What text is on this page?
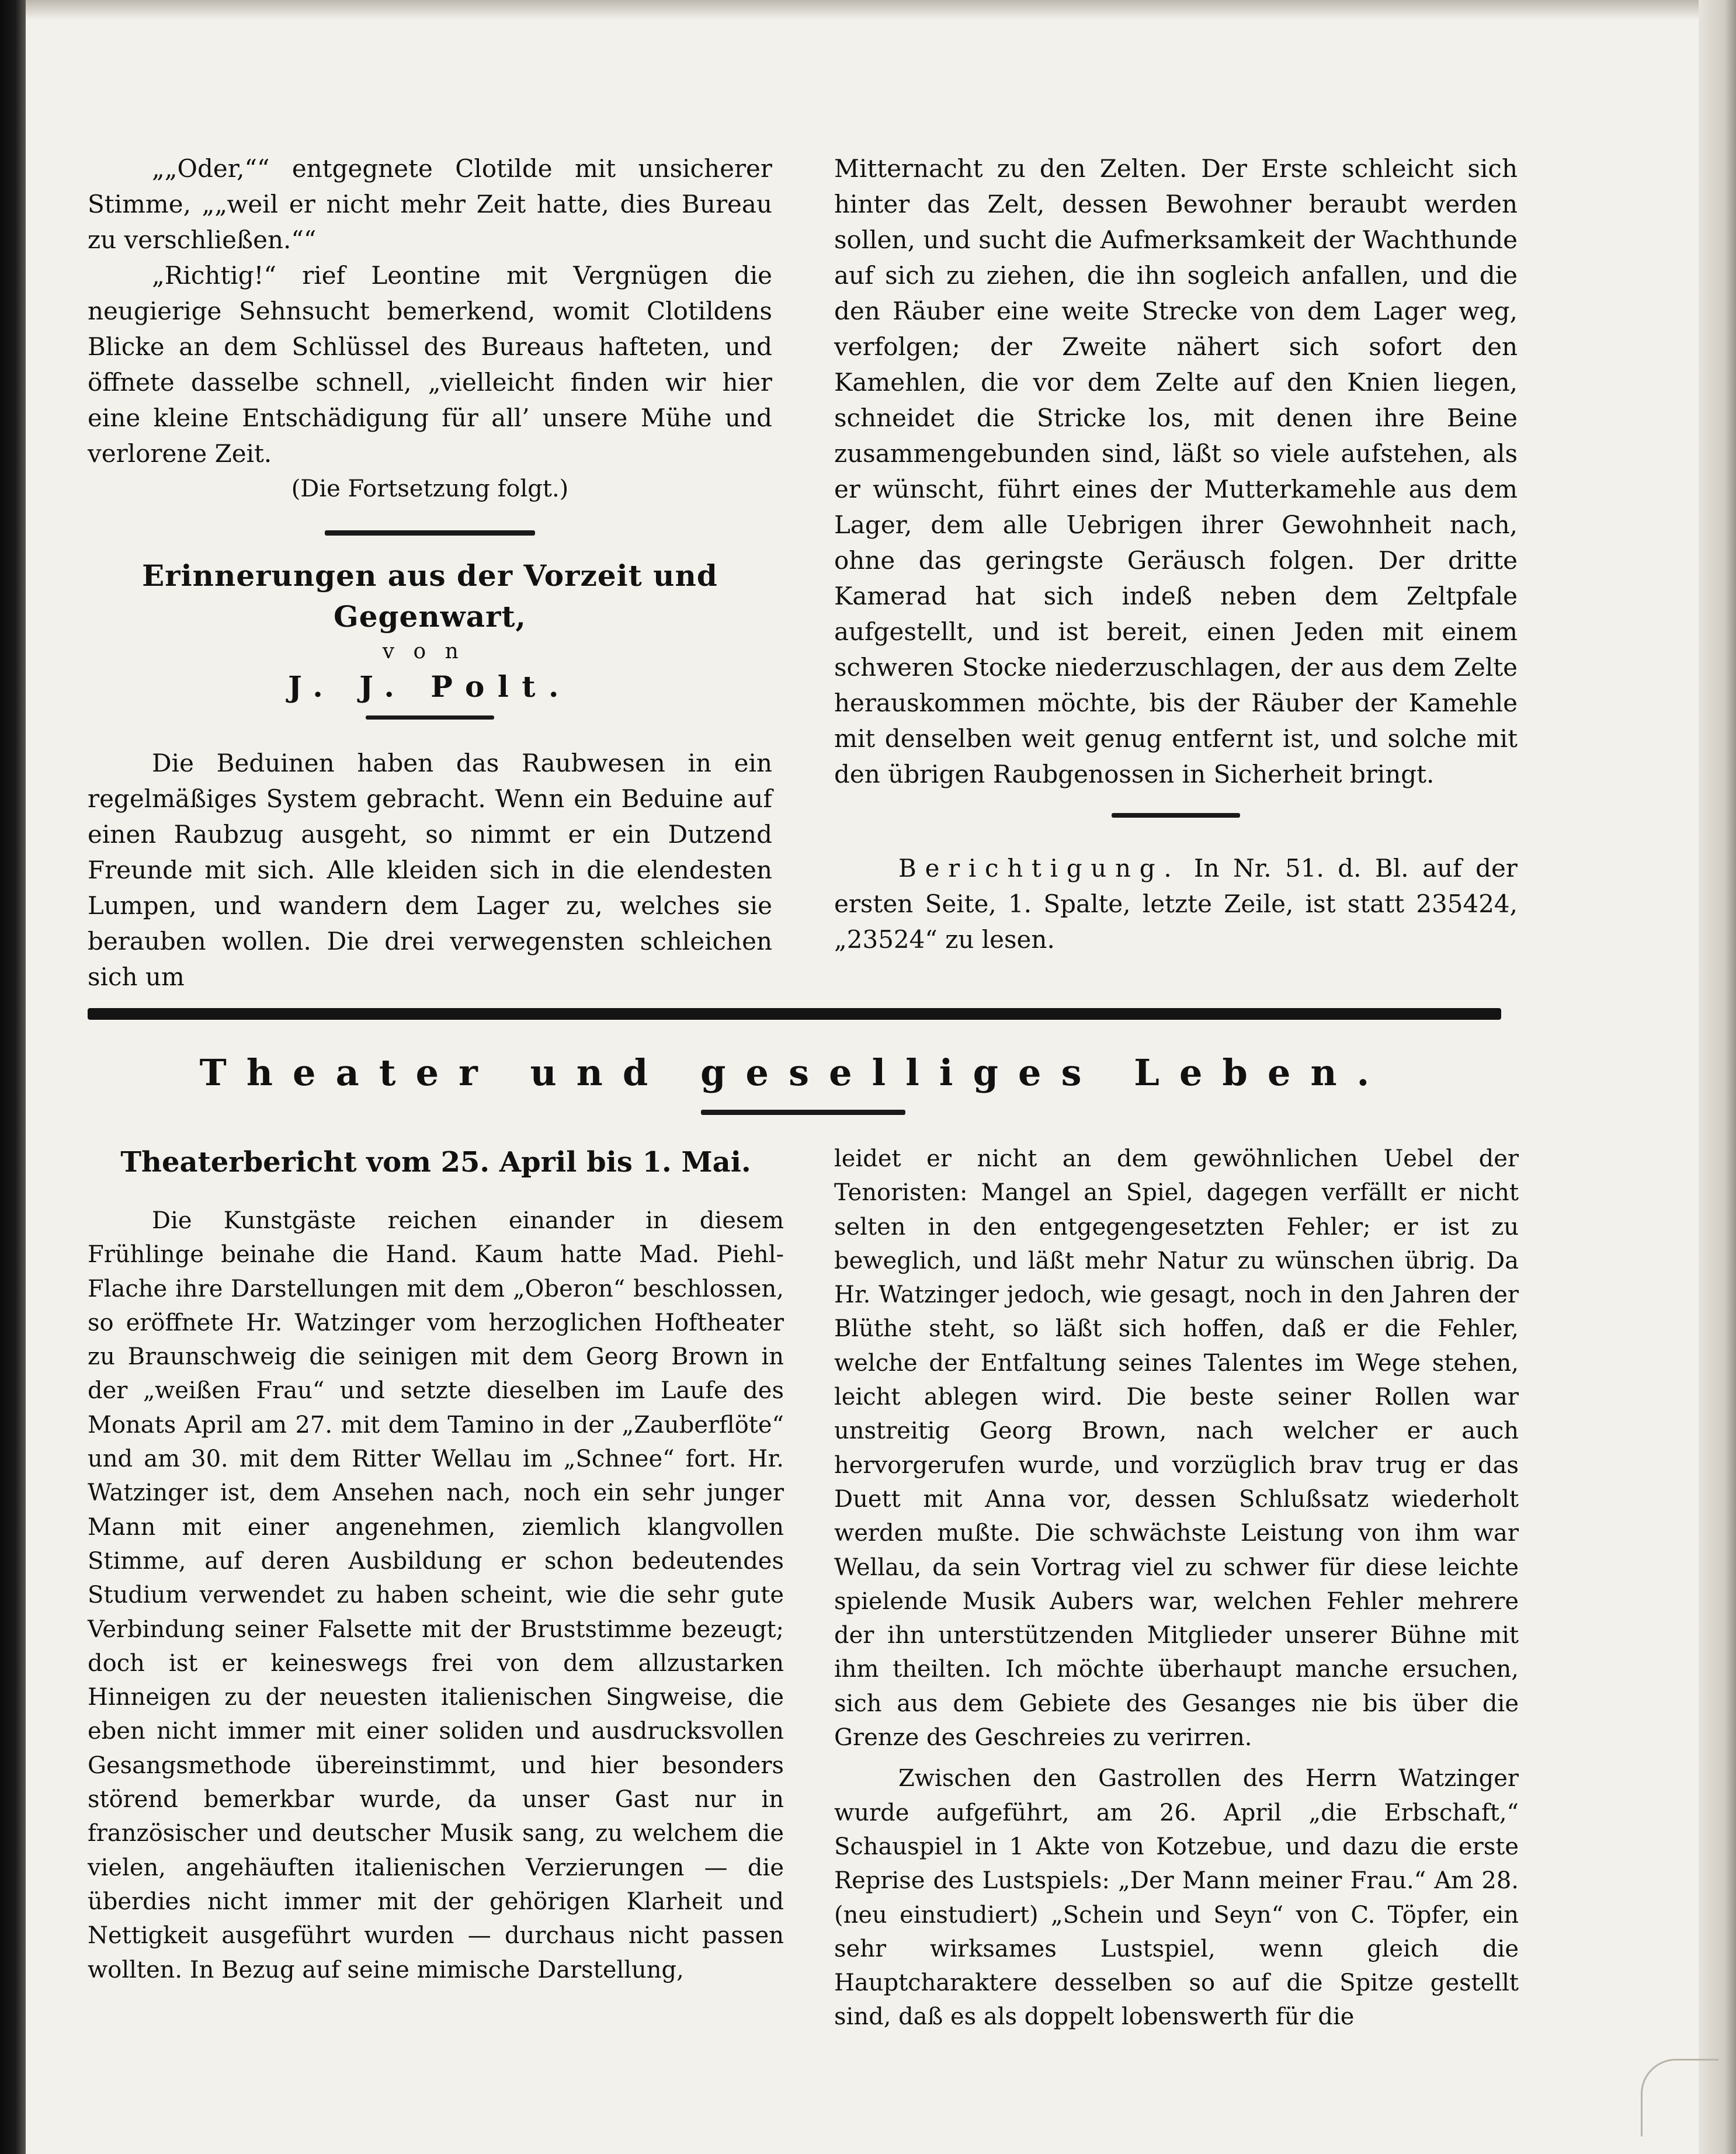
„„Oder,““ entgegnete Clotilde mit unsicherer Stimme, „„weil er nicht mehr Zeit hatte, dies Bureau zu verschließen.““

„Richtig!“ rief Leontine mit Vergnügen die neugierige Sehnsucht bemerkend, womit Clotildens Blicke an dem Schlüssel des Bureaus hafteten, und öffnete dasselbe schnell, „vielleicht finden wir hier eine kleine Entschädigung für all’ unsere Mühe und verlorene Zeit.

(Die Fortsetzung folgt.)

Erinnerungen aus der Vorzeit und Gegenwart,
von
J. J. Polt.

Die Beduinen haben das Raubwesen in ein regelmäßiges System gebracht. Wenn ein Beduine auf einen Raubzug ausgeht, so nimmt er ein Dutzend Freunde mit sich. Alle kleiden sich in die elendesten Lumpen, und wandern dem Lager zu, welches sie berauben wollen. Die drei verwegensten schleichen sich um

Mitternacht zu den Zelten. Der Erste schleicht sich hinter das Zelt, dessen Bewohner beraubt werden sollen, und sucht die Aufmerksamkeit der Wachthunde auf sich zu ziehen, die ihn sogleich anfallen, und die den Räuber eine weite Strecke von dem Lager weg, verfolgen; der Zweite nähert sich sofort den Kamehlen, die vor dem Zelte auf den Knien liegen, schneidet die Stricke los, mit denen ihre Beine zusammengebunden sind, läßt so viele aufstehen, als er wünscht, führt eines der Mutterkamehle aus dem Lager, dem alle Uebrigen ihrer Gewohnheit nach, ohne das geringste Geräusch folgen. Der dritte Kamerad hat sich indeß neben dem Zeltpfale aufgestellt, und ist bereit, einen Jeden mit einem schweren Stocke niederzuschlagen, der aus dem Zelte herauskommen möchte, bis der Räuber der Kamehle mit denselben weit genug entfernt ist, und solche mit den übrigen Raubgenossen in Sicherheit bringt.

Berichtigung. In Nr. 51. d. Bl. auf der ersten Seite, 1. Spalte, letzte Zeile, ist statt 235424, „23524“ zu lesen.

Theater und geselliges Leben.
Theaterbericht vom 25. April bis 1. Mai.

Die Kunstgäste reichen einander in diesem Frühlinge beinahe die Hand. Kaum hatte Mad. Piehl-Flache ihre Darstellungen mit dem „Oberon“ beschlossen, so eröffnete Hr. Watzinger vom herzoglichen Hoftheater zu Braunschweig die seinigen mit dem Georg Brown in der „weißen Frau“ und setzte dieselben im Laufe des Monats April am 27. mit dem Tamino in der „Zauberflöte“ und am 30. mit dem Ritter Wellau im „Schnee“ fort. Hr. Watzinger ist, dem Ansehen nach, noch ein sehr junger Mann mit einer angenehmen, ziemlich klangvollen Stimme, auf deren Ausbildung er schon bedeutendes Studium verwendet zu haben scheint, wie die sehr gute Verbindung seiner Falsette mit der Bruststimme bezeugt; doch ist er keineswegs frei von dem allzustarken Hinneigen zu der neuesten italienischen Singweise, die eben nicht immer mit einer soliden und ausdrucksvollen Gesangsmethode übereinstimmt, und hier besonders störend bemerkbar wurde, da unser Gast nur in französischer und deutscher Musik sang, zu welchem die vielen, angehäuften italienischen Verzierungen — die überdies nicht immer mit der gehörigen Klarheit und Nettigkeit ausgeführt wurden — durchaus nicht passen wollten. In Bezug auf seine mimische Darstellung,

leidet er nicht an dem gewöhnlichen Uebel der Tenoristen: Mangel an Spiel, dagegen verfällt er nicht selten in den entgegengesetzten Fehler; er ist zu beweglich, und läßt mehr Natur zu wünschen übrig. Da Hr. Watzinger jedoch, wie gesagt, noch in den Jahren der Blüthe steht, so läßt sich hoffen, daß er die Fehler, welche der Entfaltung seines Talentes im Wege stehen, leicht ablegen wird. Die beste seiner Rollen war unstreitig Georg Brown, nach welcher er auch hervorgerufen wurde, und vorzüglich brav trug er das Duett mit Anna vor, dessen Schlußsatz wiederholt werden mußte. Die schwächste Leistung von ihm war Wellau, da sein Vortrag viel zu schwer für diese leichte spielende Musik Aubers war, welchen Fehler mehrere der ihn unterstützenden Mitglieder unserer Bühne mit ihm theilten. Ich möchte überhaupt manche ersuchen, sich aus dem Gebiete des Gesanges nie bis über die Grenze des Geschreies zu verirren.

Zwischen den Gastrollen des Herrn Watzinger wurde aufgeführt, am 26. April „die Erbschaft,“ Schauspiel in 1 Akte von Kotzebue, und dazu die erste Reprise des Lustspiels: „Der Mann meiner Frau.“ Am 28. (neu einstudiert) „Schein und Seyn“ von C. Töpfer, ein sehr wirksames Lustspiel, wenn gleich die Hauptcharaktere desselben so auf die Spitze gestellt sind, daß es als doppelt lobenswerth für die
